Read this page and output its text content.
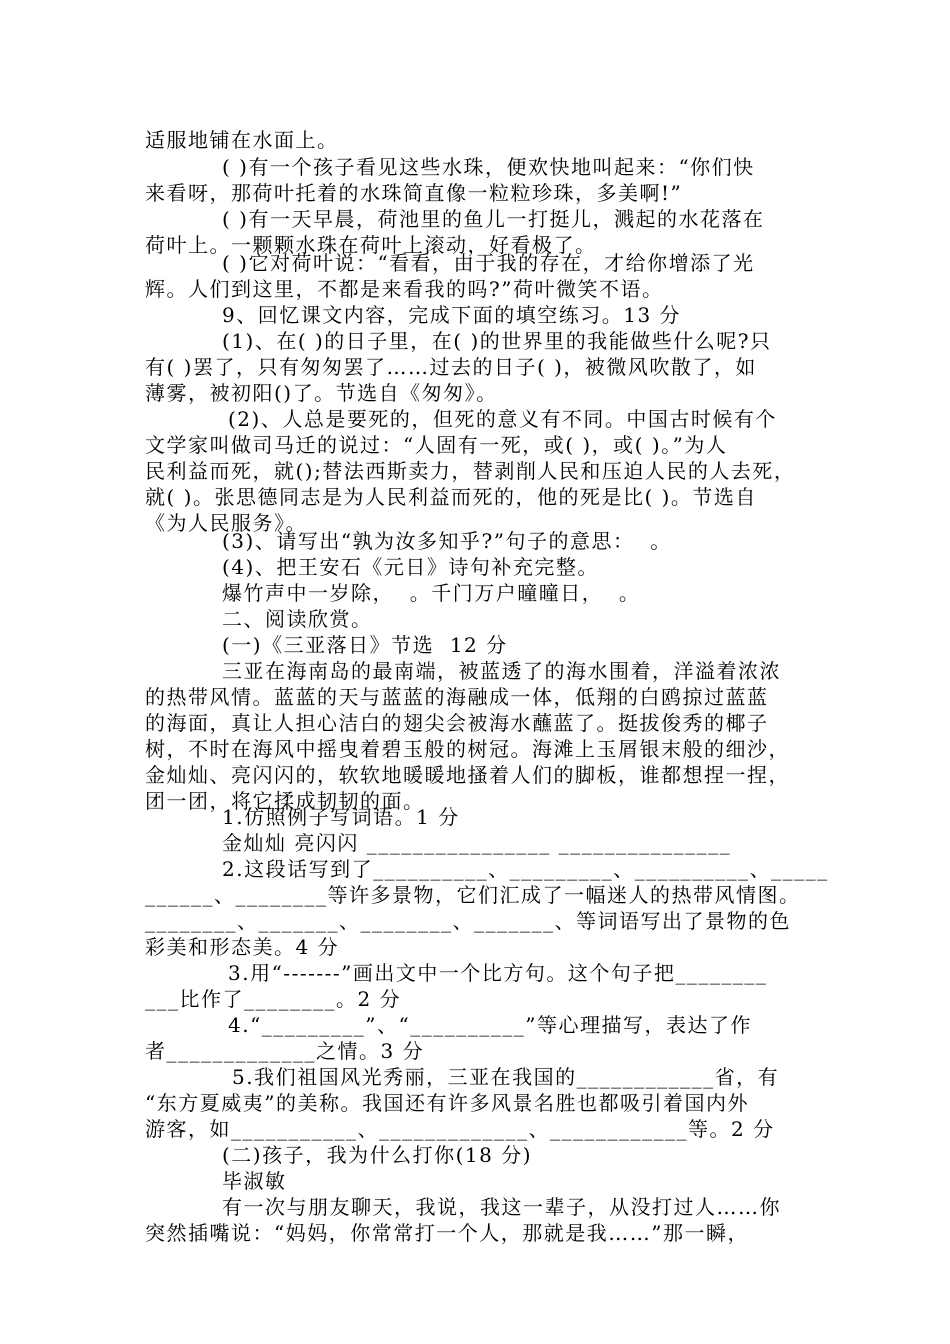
适服地铺在水面上。
( )有一个孩子看见这些水珠，便欢快地叫起来：“你们快
来看呀，那荷叶托着的水珠简直像一粒粒珍珠，多美啊!”
( )有一天早晨，荷池里的鱼儿一打挺儿，溅起的水花落在
荷叶上。一颗颗水珠在荷叶上滚动，好看极了。
( )它对荷叶说：“看看，由于我的存在，才给你增添了光
辉。人们到这里，不都是来看我的吗?”荷叶微笑不语。
9、回忆课文内容，完成下面的填空练习。13 分
(1)、在( )的日子里，在( )的世界里的我能做些什么呢?只
有( )罢了，只有匆匆罢了……过去的日子( )，被微风吹散了，如
薄雾，被初阳()了。节选自《匆匆》。
(2)、人总是要死的，但死的意义有不同。中国古时候有个
文学家叫做司马迁的说过：“人固有一死，或( )，或( )。”为人
民利益而死，就();替法西斯卖力，替剥削人民和压迫人民的人去死，
就( )。张思德同志是为人民利益而死的，他的死是比( )。节选自
《为人民服务》。
(3)、请写出“孰为汝多知乎?”句子的意思：  。
(4)、把王安石《元日》诗句补充完整。
爆竹声中一岁除，  。千门万户曈曈日，  。
二、阅读欣赏。
(一)《三亚落日》节选  12 分
三亚在海南岛的最南端，被蓝透了的海水围着，洋溢着浓浓
的热带风情。蓝蓝的天与蓝蓝的海融成一体，低翔的白鸥掠过蓝蓝
的海面，真让人担心洁白的翅尖会被海水蘸蓝了。挺拔俊秀的椰子
树，不时在海风中摇曳着碧玉般的树冠。海滩上玉屑银末般的细沙，
金灿灿、亮闪闪的，软软地暖暖地搔着人们的脚板，谁都想捏一捏，
团一团，将它揉成韧韧的面。
1.仿照例子写词语。1 分
金灿灿 亮闪闪 ________________ _______________
2.这段话写到了__________、_________、__________、_____
______、________等许多景物，它们汇成了一幅迷人的热带风情图。
________、_______、________、_______、等词语写出了景物的色
彩美和形态美。4 分
3.用“-------”画出文中一个比方句。这个句子把________
___比作了________。2 分
4.“_________”、“__________”等心理描写，表达了作
者_____________之情。3 分
5.我们祖国风光秀丽，三亚在我国的____________省，有
“东方夏威夷”的美称。我国还有许多风景名胜也都吸引着国内外
游客，如___________、_____________、____________等。2 分
(二)孩子，我为什么打你(18 分)
毕淑敏
有一次与朋友聊天，我说，我这一辈子，从没打过人……你
突然插嘴说：“妈妈，你常常打一个人，那就是我……”那一瞬，
